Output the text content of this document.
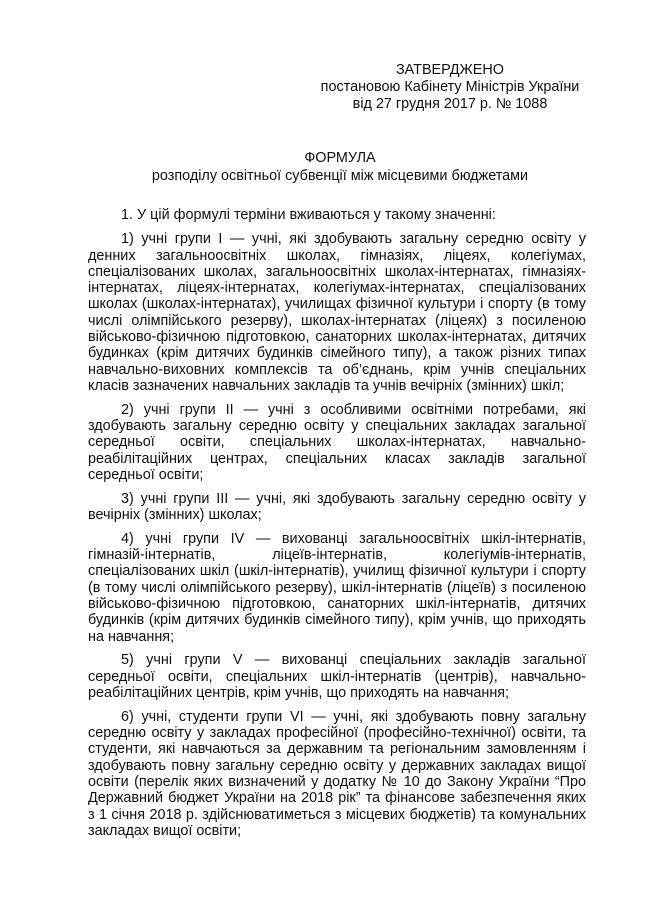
ЗАТВЕРДЖЕНО
постановою Кабінету Міністрів України
від 27 грудня 2017 р. № 1088
ФОРМУЛА
розподілу освітньої субвенції між місцевими бюджетами

1. У цій формулі терміни вживаються у такому значенні:

1) учні групи I — учні, які здобувають загальну середню освіту у денних загальноосвітніх школах, гімназіях, ліцеях, колегіумах, спеціалізованих школах, загальноосвітніх школах-інтернатах, гімназіях-інтернатах, ліцеях-інтернатах, колегіумах-інтернатах, спеціалізованих школах (школах-інтернатах), училищах фізичної культури і спорту (в тому числі олімпійського резерву), школах-інтернатах (ліцеях) з посиленою військово-фізичною підготовкою, санаторних школах-інтернатах, дитячих будинках (крім дитячих будинків сімейного типу), а також різних типах навчально-виховних комплексів та об’єднань, крім учнів спеціальних класів зазначених навчальних закладів та учнів вечірніх (змінних) шкіл;

2) учні групи II — учні з особливими освітніми потребами, які здобувають загальну середню освіту у спеціальних закладах загальної середньої освіти, спеціальних школах-інтернатах, навчально-реабілітаційних центрах, спеціальних класах закладів загальної середньої освіти;

3) учні групи III — учні, які здобувають загальну середню освіту у вечірніх (змінних) школах;

4) учні групи IV — вихованці загальноосвітніх шкіл-інтернатів, гімназій-інтернатів, ліцеїв-інтернатів, колегіумів-інтернатів, спеціалізованих шкіл (шкіл-інтернатів), училищ фізичної культури і спорту (в тому числі олімпійського резерву), шкіл-інтернатів (ліцеїв) з посиленою військово-фізичною підготовкою, санаторних шкіл-інтернатів, дитячих будинків (крім дитячих будинків сімейного типу), крім учнів, що приходять на навчання;

5) учні групи V — вихованці спеціальних закладів загальної середньої освіти, спеціальних шкіл-інтернатів (центрів), навчально-реабілітаційних центрів, крім учнів, що приходять на навчання;

6) учні, студенти групи VI — учні, які здобувають повну загальну середню освіту у закладах професійної (професійно-технічної) освіти, та студенти, які навчаються за державним та регіональним замовленням і здобувають повну загальну середню освіту у державних закладах вищої освіти (перелік яких визначений у додатку № 10 до Закону України “Про Державний бюджет України на 2018 рік” та фінансове забезпечення яких з 1 січня 2018 р. здійснюватиметься з місцевих бюджетів) та комунальних закладах вищої освіти;
